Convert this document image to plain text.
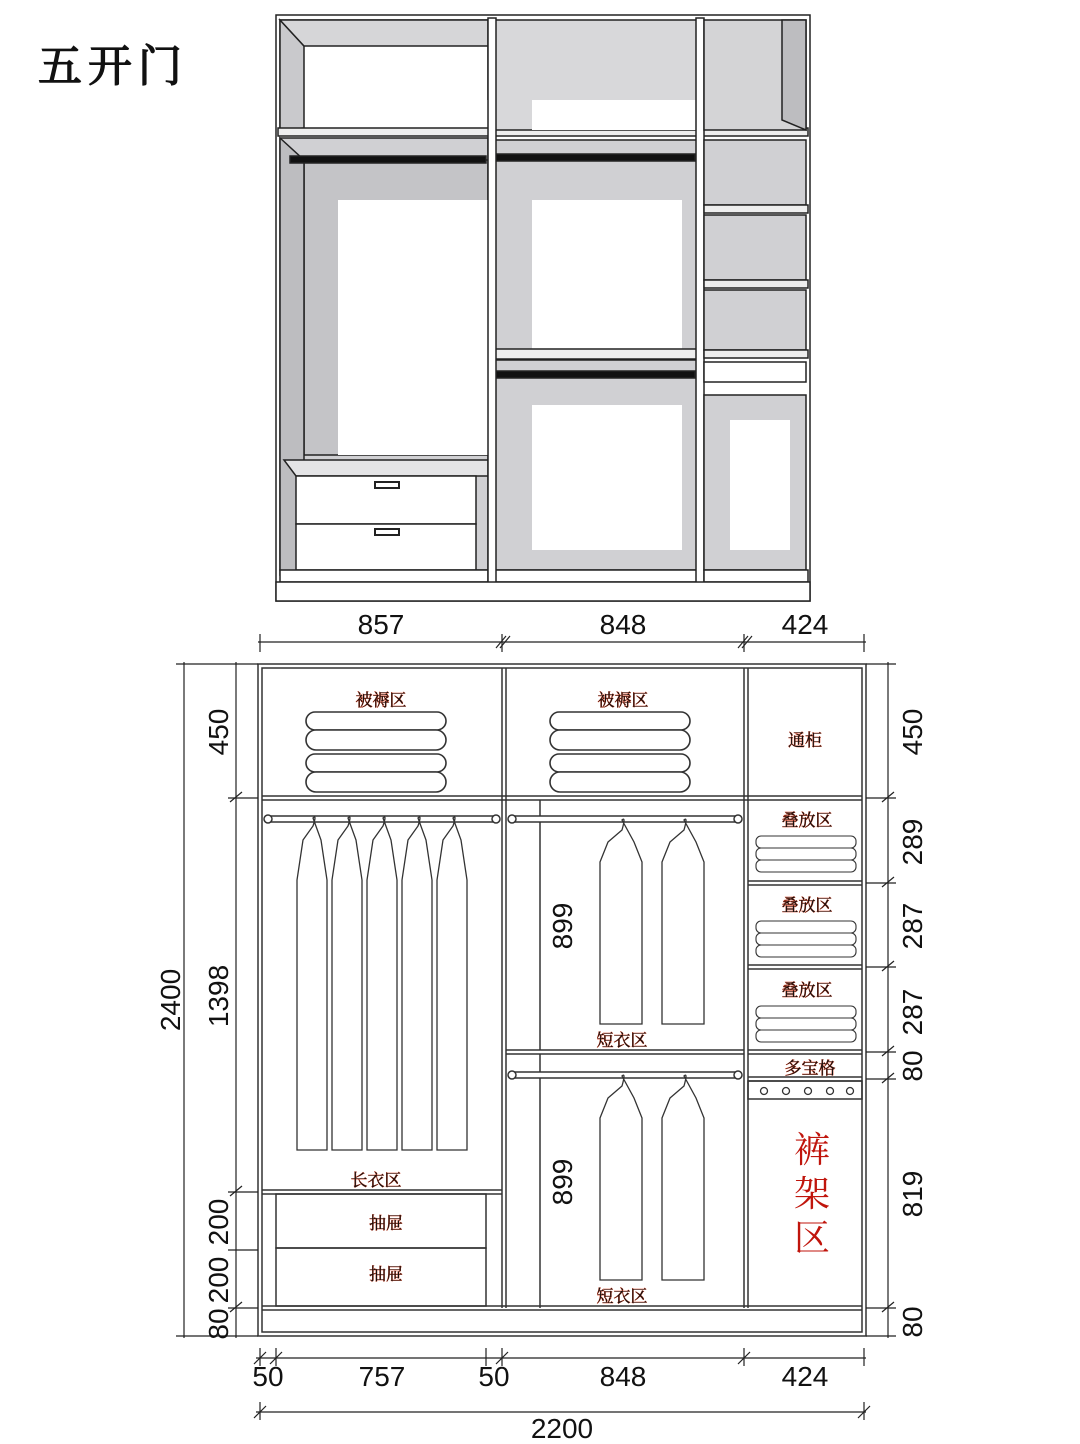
五开门
857	848	424
被褥区	被褥区
通柜
叠放区
叠放区
叠放区
多宝格
裤
架
区
长衣区
抽屉
抽屉
短衣区
短衣区
899
899
2400
450
1398
200
200
80
450
289
287
287
80
819
80
50	757	50	848	424
2200
